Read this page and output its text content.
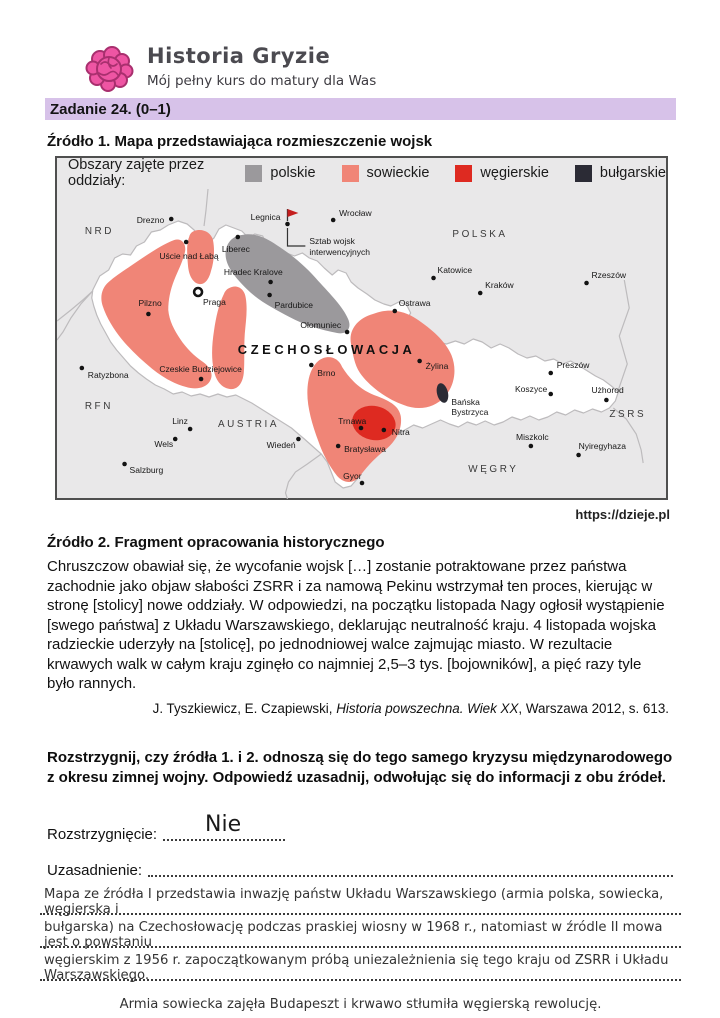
Historia Gryzie
Mój pełny kurs do matury dla Was
Zadanie 24. (0–1)
Źródło 1. Mapa przedstawiająca rozmieszczenie wojsk
Obszary zajęte przez oddziały:	polskie	sowieckie	węgierskie	bułgarskie
NRD	POLSKA
RFN
AUSTRIA
WĘGRY
ZSRS
CZECHOSŁOWACJA
Drezno	Legnica	Wrocław
Liberec
Uście nad Łabą
Hradec Kralove
Praga	Pardubice
Katowice
Kraków
Rzeszów
Pilzno	Ostrawa
Ołomuniec
Brno
Żylina
Czeskie Budziejowice
Ratyzbona
Preszów
Koszyce	Użhorod
Nitra
Trnawa
Linz
Wels	Wiedeń	Bratysława
Miszkolc
Nyiregyhaza
Salzburg
Gyor
Sztab wojsk
interwencyjnych
Bańska
Bystrzyca
https://dzieje.pl
Źródło 2. Fragment opracowania historycznego
Chruszczow obawiał się, że wycofanie wojsk […] zostanie potraktowane przez państwa zachodnie jako objaw słabości ZSRR i za namową Pekinu wstrzymał ten proces, kierując w stronę [stolicy] nowe oddziały. W odpowiedzi, na początku listopada Nagy ogłosił wystąpienie [swego państwa] z Układu Warszawskiego, deklarując neutralność kraju. 4 listopada wojska radzieckie uderzyły na [stolicę], po jednodniowej walce zajmując miasto. W rezultacie krwawych walk w całym kraju zginęło co najmniej 2,5–3 tys. [bojowników], a pięć razy tyle było rannych.
J. Tyszkiewicz, E. Czapiewski, Historia powszechna. Wiek XX, Warszawa 2012, s. 613.
Rozstrzygnij, czy źródła 1. i 2. odnoszą się do tego samego kryzysu międzynarodowego z okresu zimnej wojny. Odpowiedź uzasadnij, odwołując się do informacji z obu źródeł.
Rozstrzygnięcie: Nie
Uzasadnienie:
Mapa ze źródła I przedstawia inwazję państw Układu Warszawskiego (armia polska, sowiecka, węgierska i
bułgarska) na Czechosłowację podczas praskiej wiosny w 1968 r., natomiast w źródle II mowa jest o powstaniu
węgierskim z 1956 r. zapoczątkowanym próbą uniezależnienia się tego kraju od ZSRR i Układu Warszawskiego.
Armia sowiecka zajęła Budapeszt i krwawo stłumiła węgierską rewolucję.
